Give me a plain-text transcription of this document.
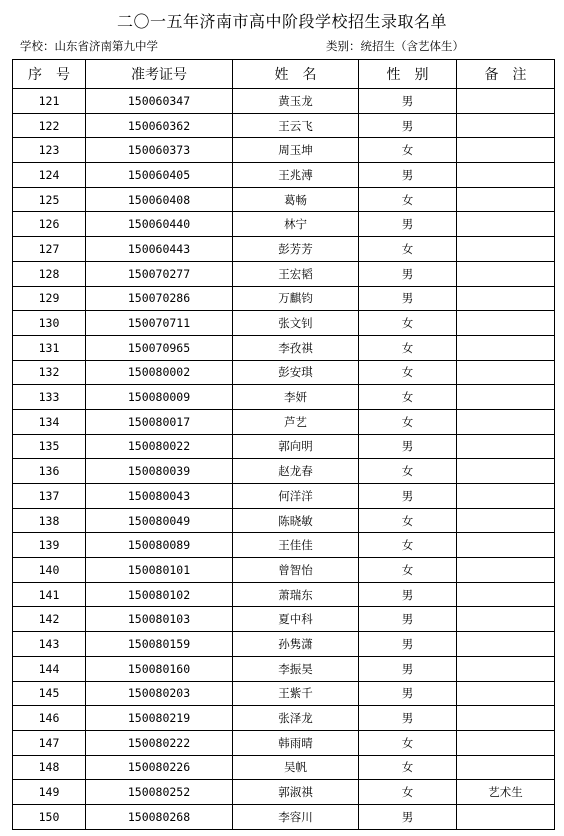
二〇一五年济南市高中阶段学校招生录取名单
学校：山东省济南第九中学	类别：统招生（含艺体生）
序　号	准考证号	姓　名	性　别	备　注
121	150060347	黄玉龙	男	
122	150060362	王云飞	男	
123	150060373	周玉坤	女	
124	150060405	王兆溥	男	
125	150060408	葛畅	女	
126	150060440	林宁	男	
127	150060443	彭芳芳	女	
128	150070277	王宏韬	男	
129	150070286	万麒钧	男	
130	150070711	张文钊	女	
131	150070965	李孜祺	女	
132	150080002	彭安琪	女	
133	150080009	李妍	女	
134	150080017	芦艺	女	
135	150080022	郭向明	男	
136	150080039	赵龙春	女	
137	150080043	何洋洋	男	
138	150080049	陈晓敏	女	
139	150080089	王佳佳	女	
140	150080101	曾智怡	女	
141	150080102	萧瑞东	男	
142	150080103	夏中科	男	
143	150080159	孙隽潇	男	
144	150080160	李振昊	男	
145	150080203	王紫千	男	
146	150080219	张泽龙	男	
147	150080222	韩雨晴	女	
148	150080226	吴帆	女	
149	150080252	郭淑祺	女	艺术生
150	150080268	李容川	男	
